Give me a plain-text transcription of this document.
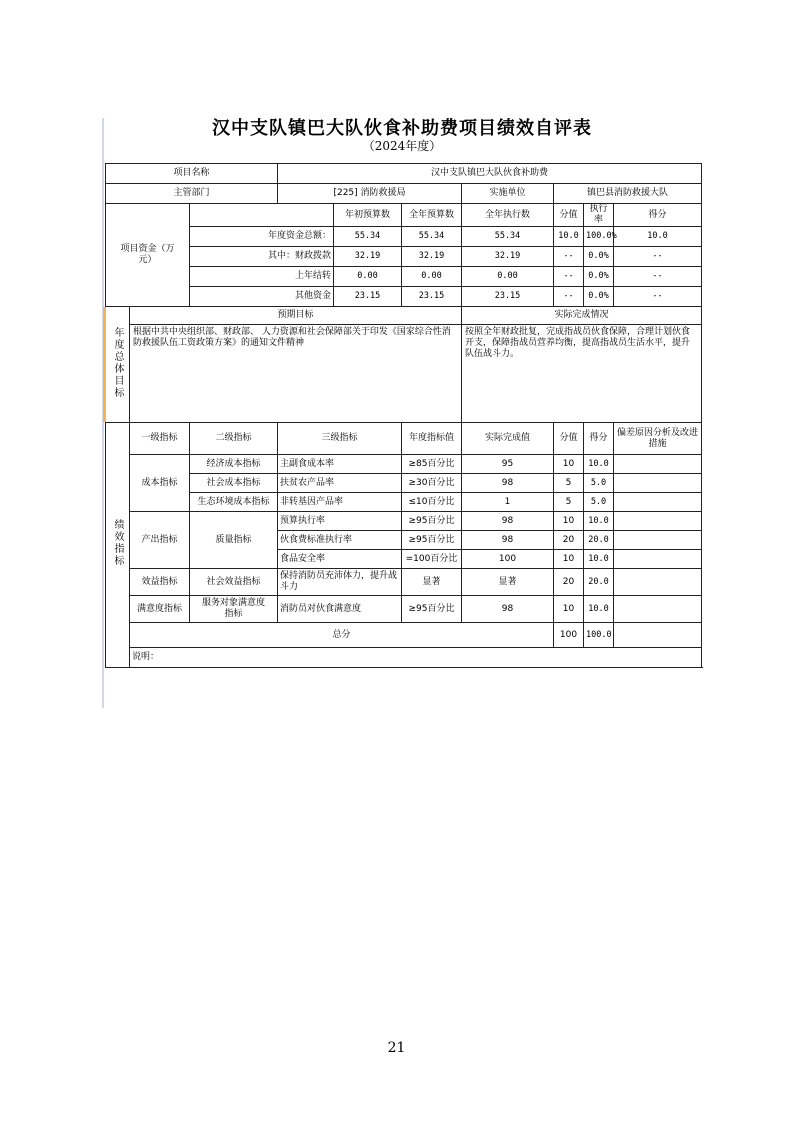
汉中支队镇巴大队伙食补助费项目绩效自评表
（2024年度）
项目名称			汉中支队镇巴大队伙食补助费						
主管部门			[225] 消防救援局			实施单位	镇巴县消防救援大队		
项目资金（万元）				年初预算数	全年预算数	全年执行数	分值	执行率	得分
		年度资金总额：		55.34	55.34	55.34	10.0	100.0%	10.0
		其中：财政拨款		32.19	32.19	32.19	--	0.0%	--
		上年结转		0.00	0.00	0.00	--	0.0%	--
		其他资金		23.15	23.15	23.15	--	0.0%	--
年度总体目标	预期目标					实际完成情况			
	根据中共中央组织部、财政部、 人力资源和社会保障部关于印发《国家综合性消防救援队伍工资政策方案》的通知文件精神					按照全年财政批复，完成指战员伙食保障，合理计划伙食开支，保障指战员营养均衡，提高指战员生活水平，提升队伍战斗力。			
绩效指标	一级指标	二级指标	三级指标		年度指标值	实际完成值	分值	得分	偏差原因分析及改进措施
	成本指标	经济成本指标	主副食成本率		≥85百分比	95	10	10.0	
		社会成本指标	扶贫农产品率		≥30百分比	98	5	5.0	
		生态环境成本指标	非转基因产品率		≤10百分比	1	5	5.0	
	产出指标	质量指标	预算执行率		≥95百分比	98	10	10.0	
			伙食费标准执行率		≥95百分比	98	20	20.0	
			食品安全率		=100百分比	100	10	10.0	
	效益指标	社会效益指标	保持消防员充沛体力，提升战斗力		显著	显著	20	20.0	
	满意度指标	服务对象满意度指标	消防员对伙食满意度		≥95百分比	98	10	10.0	
	总分						100	100.0	
	说明：								
21
